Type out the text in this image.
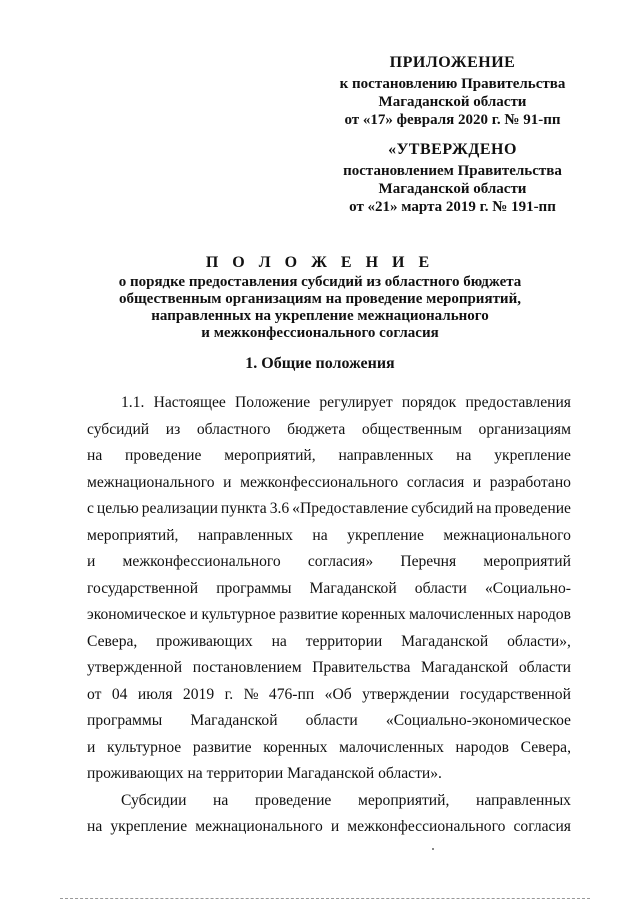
ПРИЛОЖЕНИЕ
к постановлению Правительства
Магаданской области
от «17» февраля 2020 г. № 91-пп
«УТВЕРЖДЕНО
постановлением Правительства
Магаданской области
от «21» марта 2019 г. № 191-пп
П О Л О Ж Е Н И Е
о порядке предоставления субсидий из областного бюджета
общественным организациям на проведение мероприятий,
направленных на укрепление межнационального
и межконфессионального согласия
1. Общие положения
1.1. Настоящее Положение регулирует порядок предоставления
субсидий из областного бюджета общественным организациям
на проведение мероприятий, направленных на укрепление
межнационального и межконфессионального согласия и разработано
с целью реализации пункта 3.6 «Предоставление субсидий на проведение
мероприятий, направленных на укрепление межнационального
и межконфессионального согласия» Перечня мероприятий
государственной программы Магаданской области «Социально-
экономическое и культурное развитие коренных малочисленных народов
Севера, проживающих на территории Магаданской области»,
утвержденной постановлением Правительства Магаданской области
от 04 июля 2019 г. № 476-пп «Об утверждении государственной
программы Магаданской области «Социально-экономическое
и культурное развитие коренных малочисленных народов Севера,
проживающих на территории Магаданской области».
Субсидии на проведение мероприятий, направленных
на укрепление межнационального и межконфессионального согласия
